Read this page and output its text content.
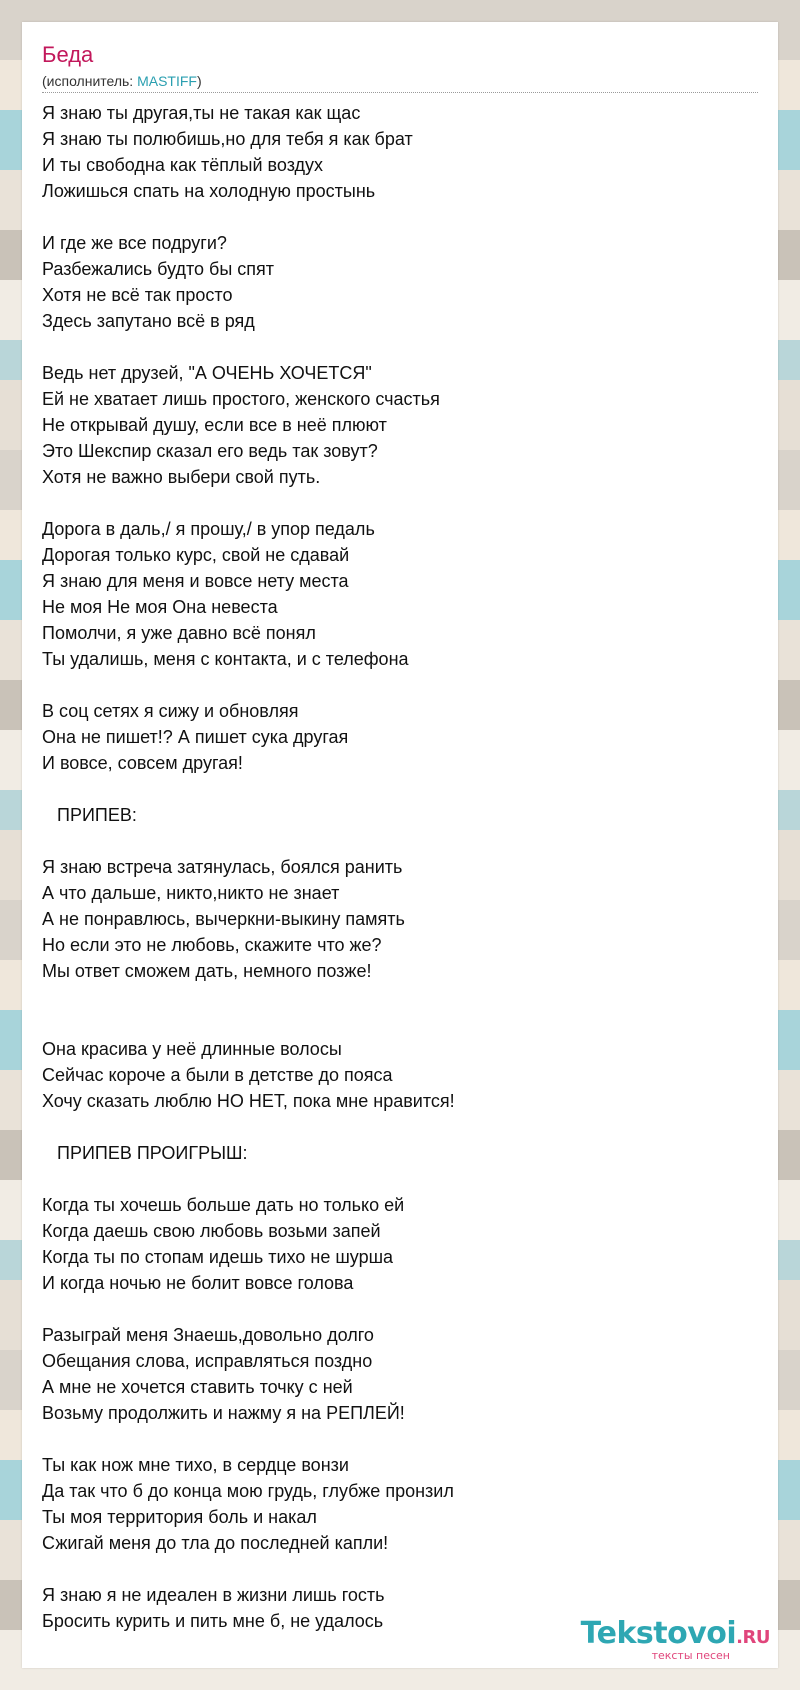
Беда
(исполнитель: MASTIFF)
Я знаю ты другая,ты не такая как щас
Я знаю ты полюбишь,но для тебя я как брат
И ты свободна как тёплый воздух
Ложишься спать на холодную простынь
И где же все подруги?
Разбежались будто бы спят
Хотя не всё так просто
Здесь запутано всё в ряд
Ведь нет друзей, "А ОЧЕНЬ ХОЧЕТСЯ"
Ей не хватает лишь простого, женского счастья
Не открывай душу, если все в неё плюют
Это Шекспир сказал его ведь так зовут?
Хотя не важно выбери свой путь.
Дорога в даль,/ я прошу,/ в упор педаль
Дорогая только курс, свой не сдавай
Я знаю для меня и вовсе нету места
Не моя Не моя Она невеста
Помолчи, я уже давно всё понял
Ты удалишь, меня с контакта, и с телефона
В соц сетях я сижу и обновляя
Она не пишет!? А пишет сука другая
И вовсе, совсем другая!
ПРИПЕВ:
Я знаю встреча затянулась, боялся ранить
А что дальше, никто,никто не знает
А не понравлюсь, вычеркни-выкину память
Но если это не любовь, скажите что же?
Мы ответ сможем дать, немного позже!
Она красива у неё длинные волосы
Сейчас короче а были в детстве до пояса
Хочу сказать люблю НО НЕТ, пока мне нравится!
ПРИПЕВ ПРОИГРЫШ:
Когда ты хочешь больше дать но только ей
Когда даешь свою любовь возьми запей
Когда ты по стопам идешь тихо не шурша
И когда ночью не болит вовсе голова
Разыграй меня Знаешь,довольно долго
Обещания слова, исправляться поздно
А мне не хочется ставить точку с ней
Возьму продолжить и нажму я на РЕПЛЕЙ!
Ты как нож мне тихо, в сердце вонзи
Да так что б до конца мою грудь, глубже пронзил
Ты моя территория боль и накал
Сжигай меня до тла до последней капли!
Я знаю я не идеален в жизни лишь гость
Бросить курить и пить мне б, не удалось	Tekstovoi.RU
тексты песен
